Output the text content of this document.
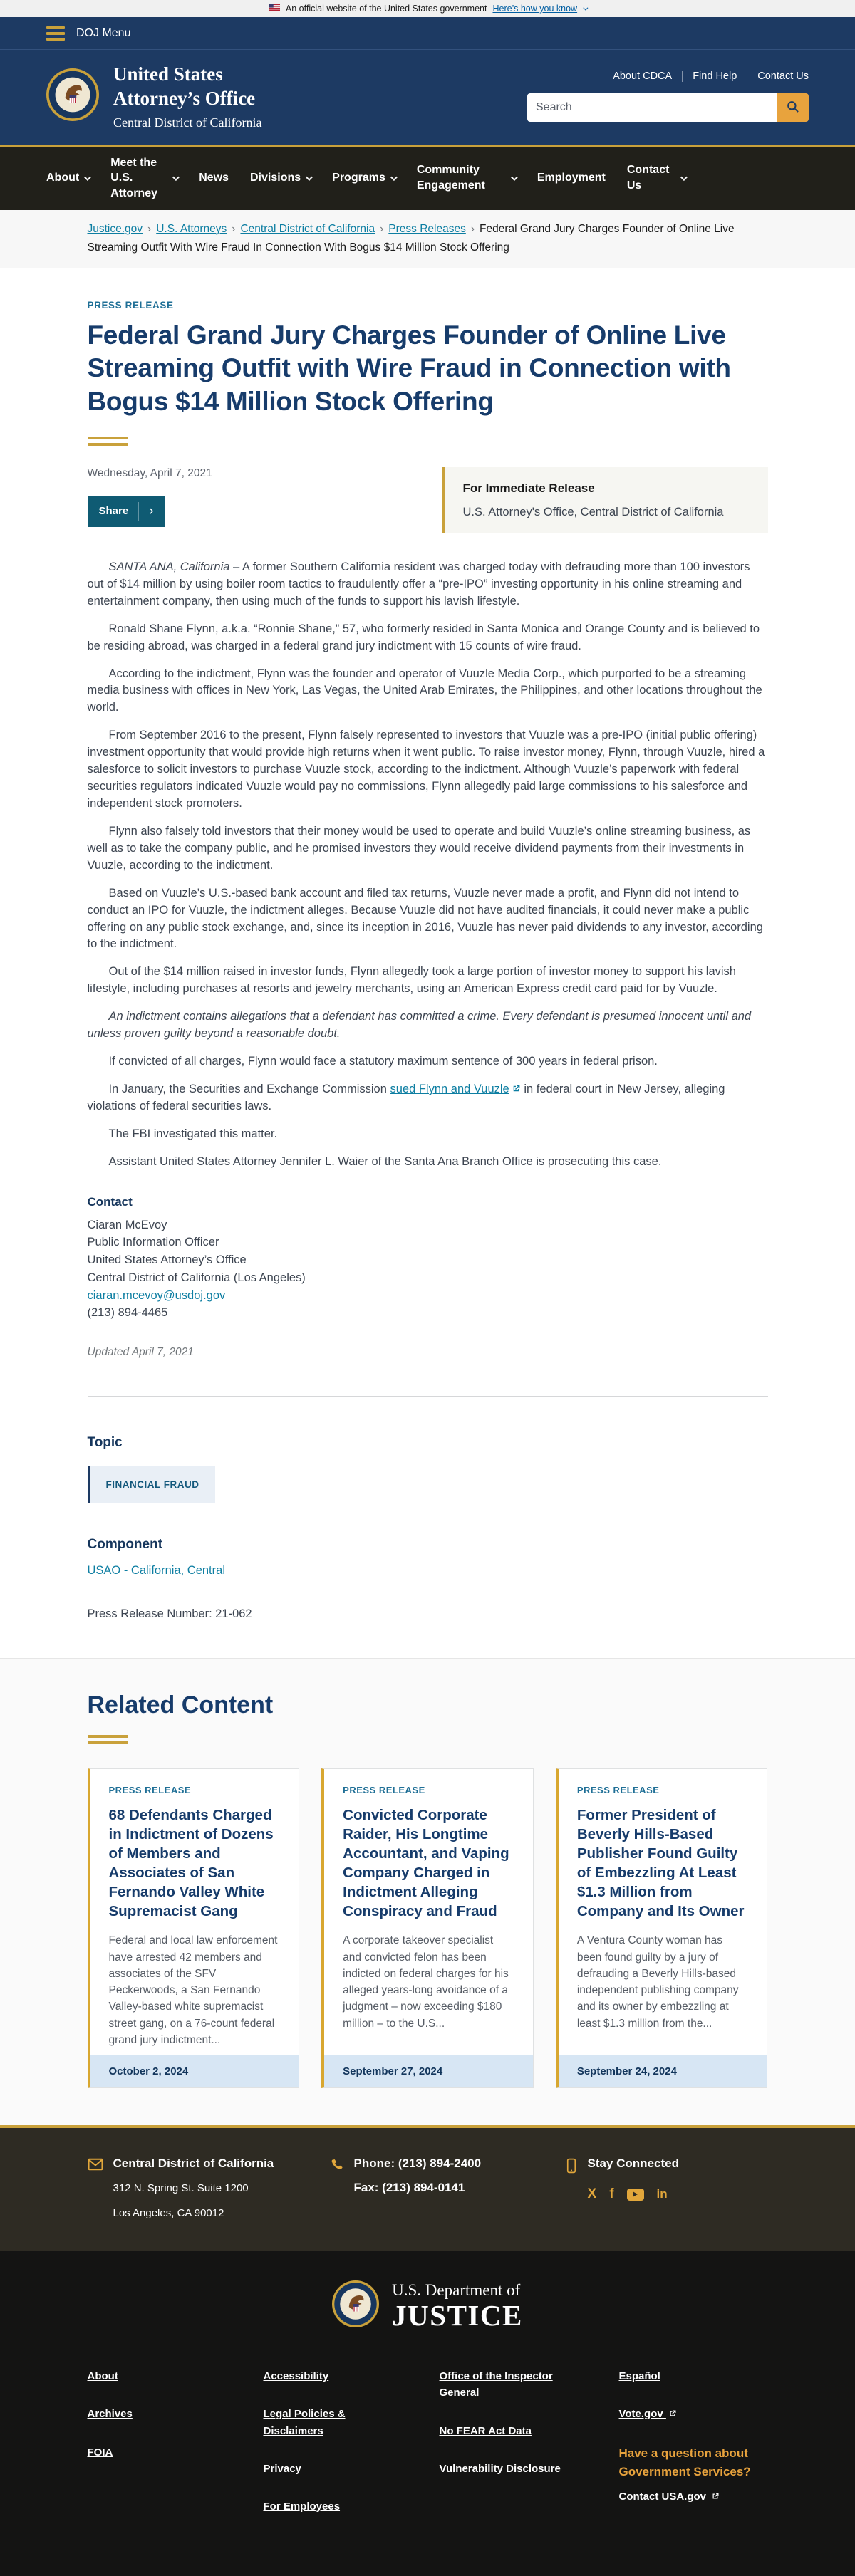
An official website of the United States government Here’s how you know
DOJ Menu
United States
Attorney’s Office
Central District of California
About CDCA	Find Help	Contact Us
Search
About
Meet the U.S. Attorney
News Divisions	Programs
Community Engagement
Employment
Contact Us
Justice.gov › U.S. Attorneys › Central District of California › Press Releases › Federal Grand Jury Charges Founder of Online Live Streaming Outfit With Wire Fraud In Connection With Bogus $14 Million Stock Offering
PRESS RELEASE
Federal Grand Jury Charges Founder of Online Live Streaming Outfit with Wire Fraud in Connection with Bogus $14 Million Stock Offering
Wednesday, April 7, 2021
Share ›
For Immediate Release
U.S. Attorney's Office, Central District of California

SANTA ANA, California – A former Southern California resident was charged today with defrauding more than 100 investors out of $14 million by using boiler room tactics to fraudulently offer a “pre-IPO” investing opportunity in his online streaming and entertainment company, then using much of the funds to support his lavish lifestyle.

Ronald Shane Flynn, a.k.a. “Ronnie Shane,” 57, who formerly resided in Santa Monica and Orange County and is believed to be residing abroad, was charged in a federal grand jury indictment with 15 counts of wire fraud.

According to the indictment, Flynn was the founder and operator of Vuuzle Media Corp., which purported to be a streaming media business with offices in New York, Las Vegas, the United Arab Emirates, the Philippines, and other locations throughout the world.

From September 2016 to the present, Flynn falsely represented to investors that Vuuzle was a pre-IPO (initial public offering) investment opportunity that would provide high returns when it went public. To raise investor money, Flynn, through Vuuzle, hired a salesforce to solicit investors to purchase Vuuzle stock, according to the indictment. Although Vuuzle’s paperwork with federal securities regulators indicated Vuuzle would pay no commissions, Flynn allegedly paid large commissions to his salesforce and independent stock promoters.

Flynn also falsely told investors that their money would be used to operate and build Vuuzle’s online streaming business, as well as to take the company public, and he promised investors they would receive dividend payments from their investments in Vuuzle, according to the indictment.

Based on Vuuzle’s U.S.-based bank account and filed tax returns, Vuuzle never made a profit, and Flynn did not intend to conduct an IPO for Vuuzle, the indictment alleges. Because Vuuzle did not have audited financials, it could never make a public offering on any public stock exchange, and, since its inception in 2016, Vuuzle has never paid dividends to any investor, according to the indictment.

Out of the $14 million raised in investor funds, Flynn allegedly took a large portion of investor money to support his lavish lifestyle, including purchases at resorts and jewelry merchants, using an American Express credit card paid for by Vuuzle.

An indictment contains allegations that a defendant has committed a crime. Every defendant is presumed innocent until and unless proven guilty beyond a reasonable doubt.

If convicted of all charges, Flynn would face a statutory maximum sentence of 300 years in federal prison.

In January, the Securities and Exchange Commission sued Flynn and Vuuzle in federal court in New Jersey, alleging violations of federal securities laws.

The FBI investigated this matter.

Assistant United States Attorney Jennifer L. Waier of the Santa Ana Branch Office is prosecuting this case.

Contact
Ciaran McEvoy
Public Information Officer
United States Attorney’s Office
Central District of California (Los Angeles)
ciaran.mcevoy@usdoj.gov
(213) 894-4465
Updated April 7, 2021
Topic
FINANCIAL FRAUD
Component
USAO - California, Central
Press Release Number: 21-062
Related Content
PRESS RELEASE
68 Defendants Charged in Indictment of Dozens of Members and Associates of San Fernando Valley White Supremacist Gang
Federal and local law enforcement have arrested 42 members and associates of the SFV Peckerwoods, a San Fernando Valley-based white supremacist street gang, on a 76-count federal grand jury indictment...
October 2, 2024
PRESS RELEASE
Convicted Corporate Raider, His Longtime Accountant, and Vaping Company Charged in Indictment Alleging Conspiracy and Fraud
A corporate takeover specialist and convicted felon has been indicted on federal charges for his alleged years-long avoidance of a judgment – now exceeding $180 million – to the U.S...
September 27, 2024
PRESS RELEASE
Former President of Beverly Hills-Based Publisher Found Guilty of Embezzling At Least $1.3 Million from Company and Its Owner
A Ventura County woman has been found guilty by a jury of defrauding a Beverly Hills-based independent publishing company and its owner by embezzling at least $1.3 million from the...
September 24, 2024
Central District of California
312 N. Spring St. Suite 1200
Los Angeles, CA 90012
Phone: (213) 894-2400
Fax: (213) 894-0141
Stay Connected
X f	in
U.S. Department of
JUSTICE
About
Archives
FOIA
Accessibility
Legal Policies & Disclaimers
Privacy
For Employees
Office of the Inspector General
No FEAR Act Data
Vulnerability Disclosure
Español
Vote.gov
Have a question about Government Services?
Contact USA.gov
